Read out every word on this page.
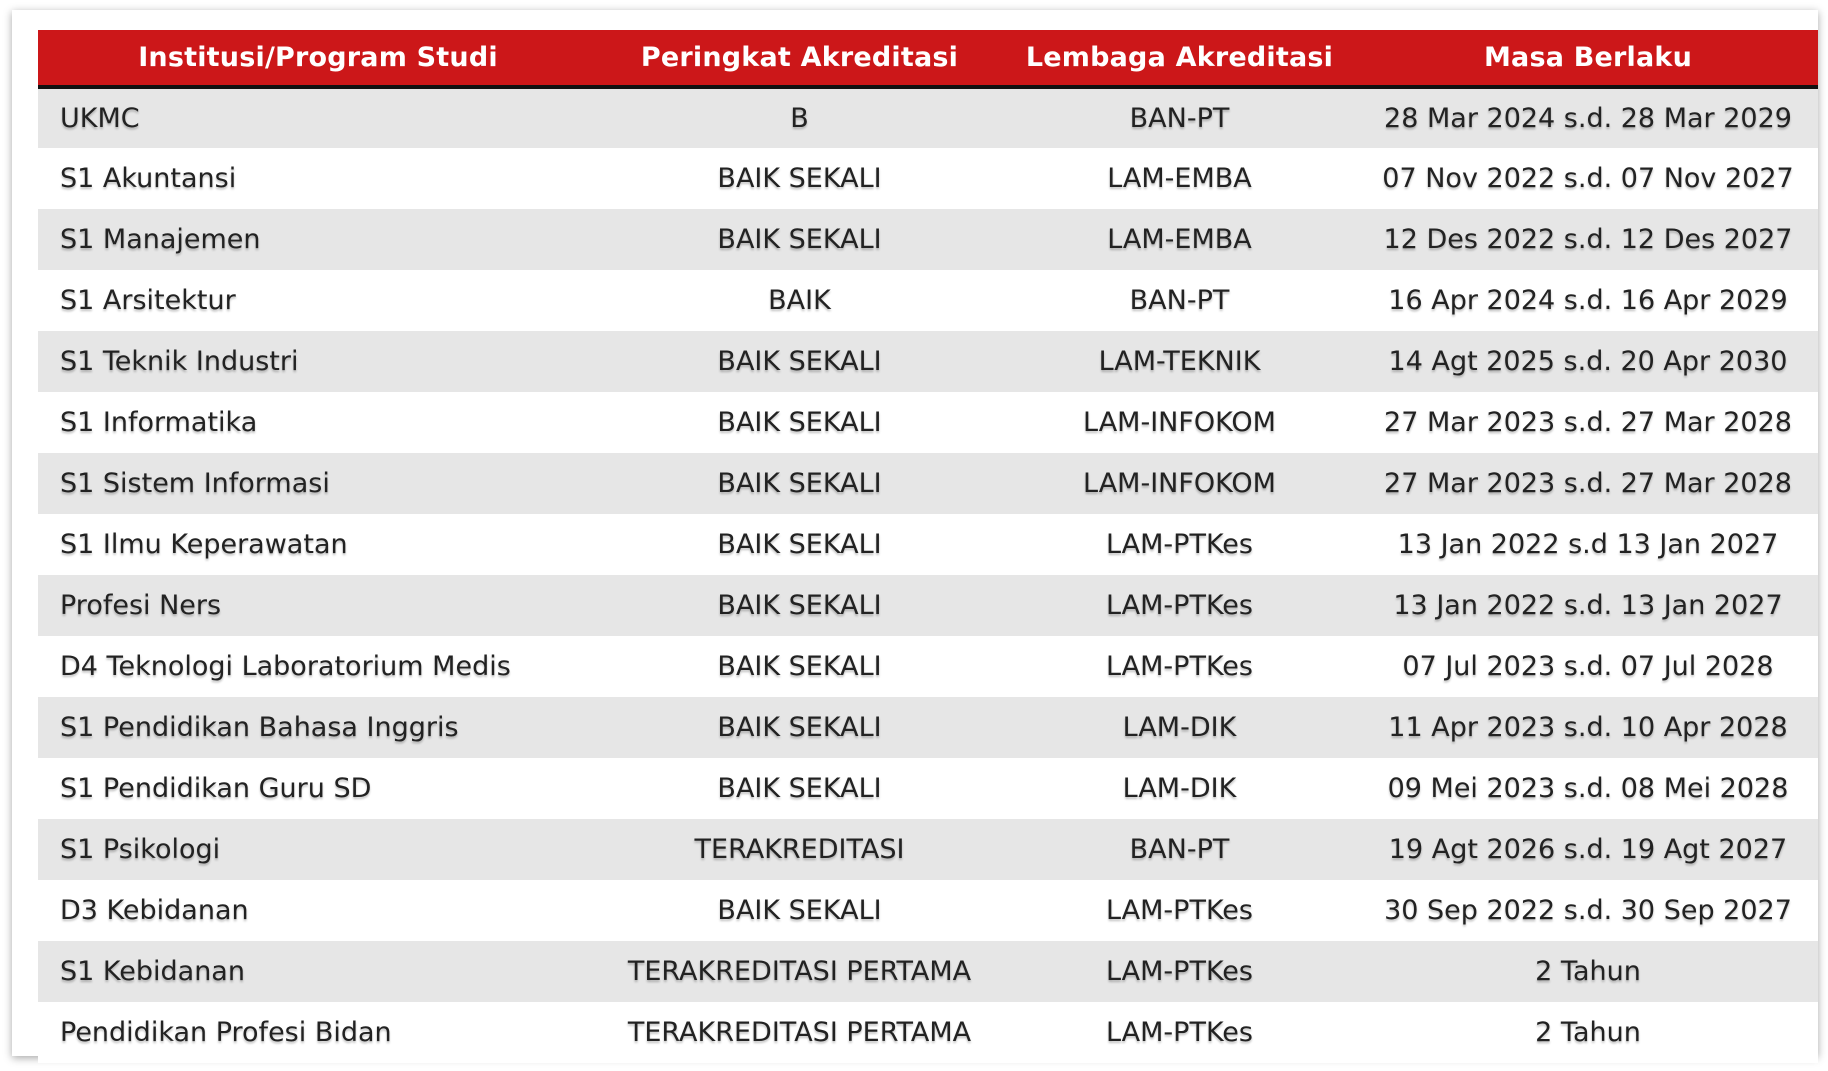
Institusi/Program Studi	Peringkat Akreditasi	Lembaga Akreditasi	Masa Berlaku
UKMC	B	BAN-PT	28 Mar 2024 s.d. 28 Mar 2029
S1 Akuntansi	BAIK SEKALI	LAM-EMBA	07 Nov 2022 s.d. 07 Nov 2027
S1 Manajemen	BAIK SEKALI	LAM-EMBA	12 Des 2022 s.d. 12 Des 2027
S1 Arsitektur	BAIK	BAN-PT	16 Apr 2024 s.d. 16 Apr 2029
S1 Teknik Industri	BAIK SEKALI	LAM-TEKNIK	14 Agt 2025 s.d. 20 Apr 2030
S1 Informatika	BAIK SEKALI	LAM-INFOKOM	27 Mar 2023 s.d. 27 Mar 2028
S1 Sistem Informasi	BAIK SEKALI	LAM-INFOKOM	27 Mar 2023 s.d. 27 Mar 2028
S1 Ilmu Keperawatan	BAIK SEKALI	LAM-PTKes	13 Jan 2022 s.d 13 Jan 2027
Profesi Ners	BAIK SEKALI	LAM-PTKes	13 Jan 2022 s.d. 13 Jan 2027
D4 Teknologi Laboratorium Medis	BAIK SEKALI	LAM-PTKes	07 Jul 2023 s.d. 07 Jul 2028
S1 Pendidikan Bahasa Inggris	BAIK SEKALI	LAM-DIK	11 Apr 2023 s.d. 10 Apr 2028
S1 Pendidikan Guru SD	BAIK SEKALI	LAM-DIK	09 Mei 2023 s.d. 08 Mei 2028
S1 Psikologi	TERAKREDITASI	BAN-PT	19 Agt 2026 s.d. 19 Agt 2027
D3 Kebidanan	BAIK SEKALI	LAM-PTKes	30 Sep 2022 s.d. 30 Sep 2027
S1 Kebidanan	TERAKREDITASI PERTAMA	LAM-PTKes	2 Tahun
Pendidikan Profesi Bidan	TERAKREDITASI PERTAMA	LAM-PTKes	2 Tahun
